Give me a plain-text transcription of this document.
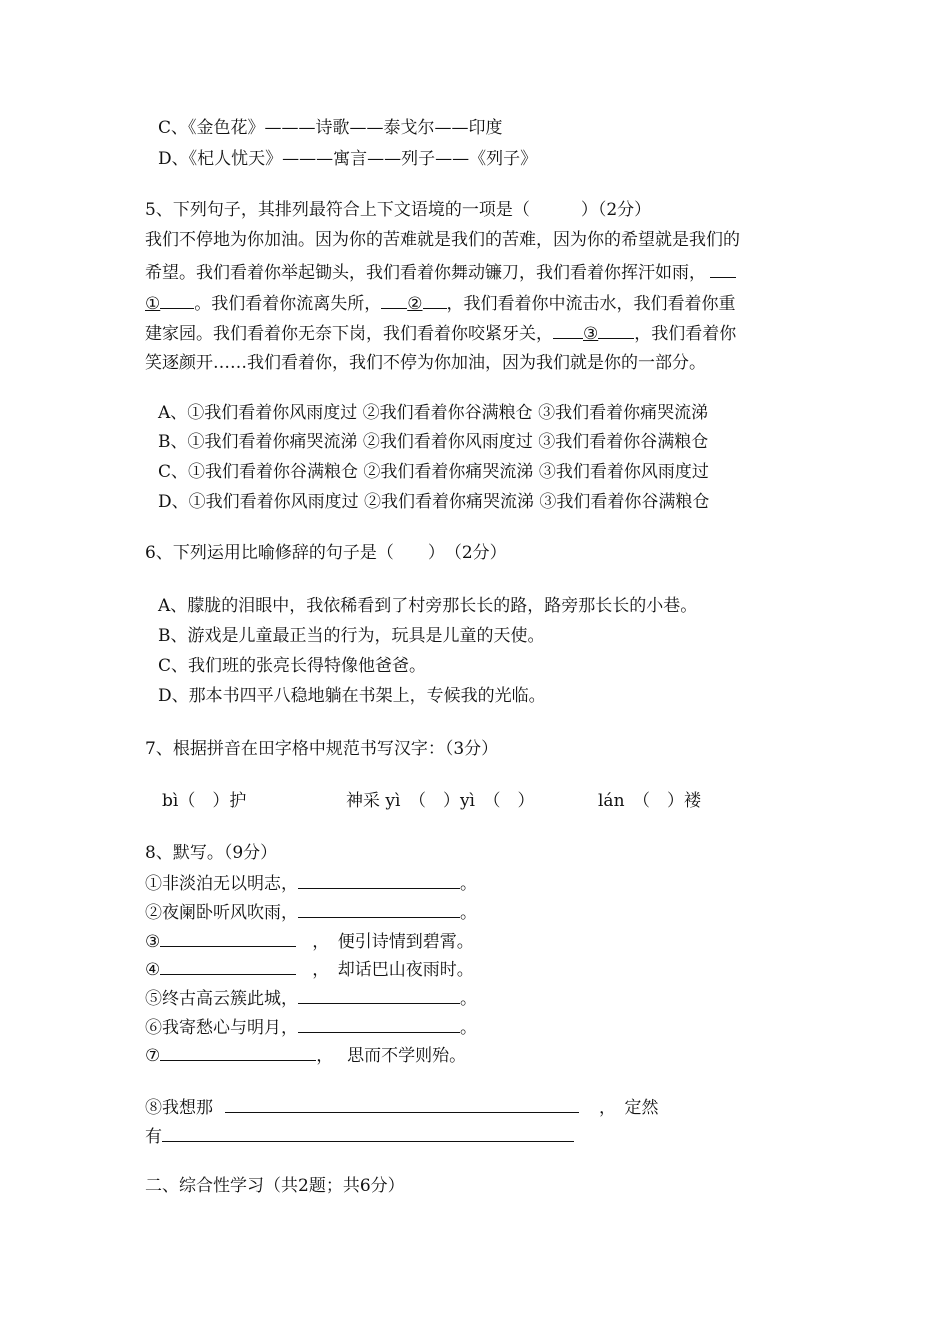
C、《金色花》———诗歌——泰戈尔——印度
D、《杞人忧天》———寓言——列子——《列子》
5、下列句子，其排列最符合上下文语境的一项是（　　　）（2分）
我们不停地为你加油。因为你的苦难就是我们的苦难，因为你的希望就是我们的
希望。我们看着你举起锄头，我们看着你舞动镰刀，我们看着你挥汗如雨，
① 。我们看着你流离失所， ② ，我们看着你中流击水，我们看着你重
建家园。我们看着你无奈下岗，我们看着你咬紧牙关， ③ ，我们看着你
笑逐颜开……我们看着你，我们不停为你加油，因为我们就是你的一部分。
A、①我们看着你风雨度过 ②我们看着你谷满粮仓 ③我们看着你痛哭流涕
B、①我们看着你痛哭流涕 ②我们看着你风雨度过 ③我们看着你谷满粮仓
C、①我们看着你谷满粮仓 ②我们看着你痛哭流涕 ③我们看着你风雨度过
D、①我们看着你风雨度过 ②我们看着你痛哭流涕 ③我们看着你谷满粮仓
6、下列运用比喻修辞的句子是（　　）　（2分）
A、朦胧的泪眼中，我依稀看到了村旁那长长的路，路旁那长长的小巷。
B、游戏是儿童最正当的行为，玩具是儿童的天使。
C、我们班的张亮长得特像他爸爸。
D、那本书四平八稳地躺在书架上，专候我的光临。
7、根据拼音在田字格中规范书写汉字：（3分）
bì（　）护	神采 yì　（　）yì　（　）	lán　（　）褛
8、默写。（9分）
①非淡泊无以明志，	。
②夜阑卧听风吹雨，	。
③	，　便引诗情到碧霄。
④	，　却话巴山夜雨时。
⑤终古高云簇此城，	。
⑥我寄愁心与明月，	。
⑦	，　 思而不学则殆。
⑧我想那	，　定然
有
二、综合性学习（共2题；共6分）
